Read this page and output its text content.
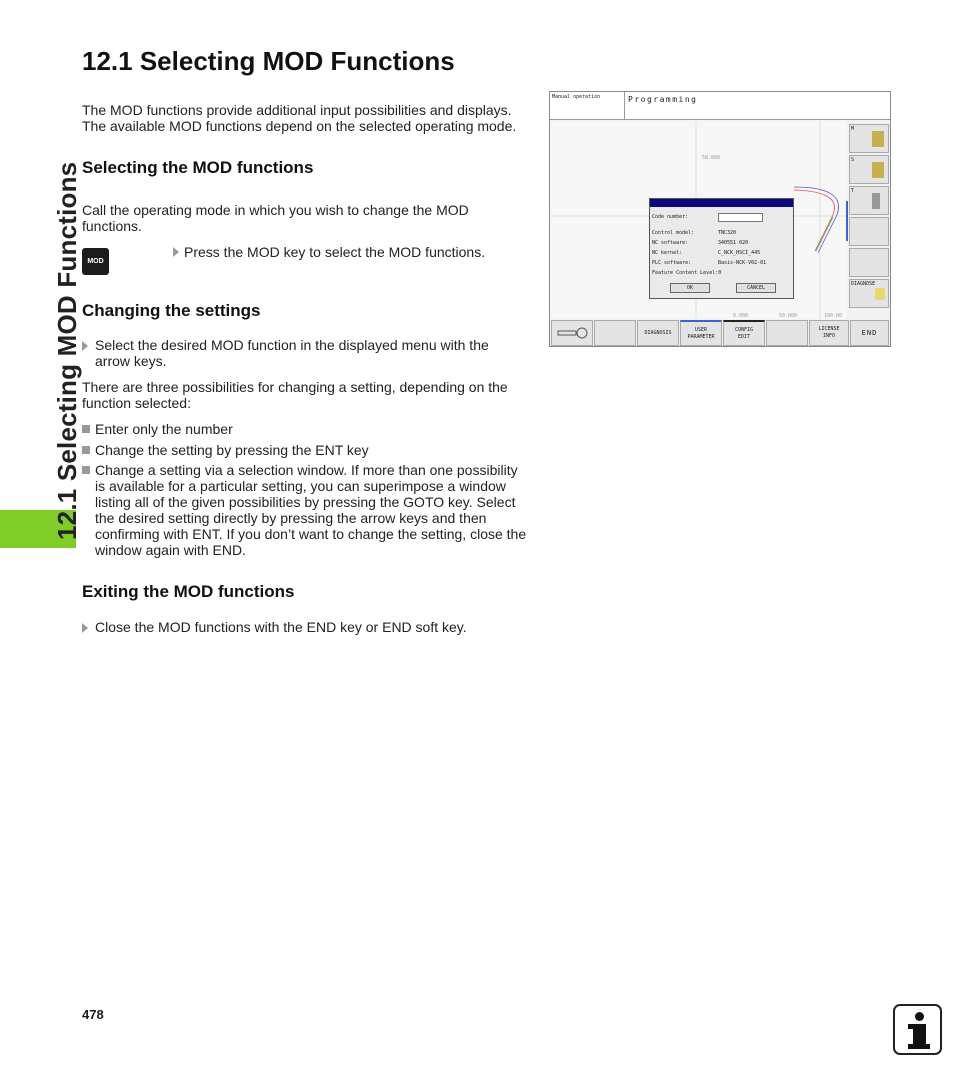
12.1 Selecting MOD Functions
12.1 Selecting MOD Functions
The MOD functions provide additional input possibilities and displays.
The available MOD functions depend on the selected operating mode.
Selecting the MOD functions
Call the operating mode in which you wish to change the MOD functions.
MOD
Press the MOD key to select the MOD functions.
Changing the settings
Select the desired MOD function in the displayed menu with the arrow keys.
There are three possibilities for changing a setting, depending on the function selected:
Enter only the number
Change the setting by pressing the ENT key
Change a setting via a selection window. If more than one possibility is available for a particular setting, you can superimpose a window listing all of the given possibilities by pressing the GOTO key. Select the desired setting directly by pressing the arrow keys and then confirming with ENT. If you don’t want to change the setting, close the window again with END.
Exiting the MOD functions
Close the MOD functions with the END key or END soft key.
Manual operation	Programming
50.000
0.000	50.000	100.00
Code number:
Control model:	TNC320
NC software:	340551 020
NC kernel:	C_NCK_HSCI_445
PLC software:	Basis-NCK-V02-01
Feature Content Level:0
OK	CANCEL
M
S
T
DIAGNOSE
DIAGNOSIS	USER
PARAMETER
CONFIG
EDIT
LICENSE
INFO	END
478
